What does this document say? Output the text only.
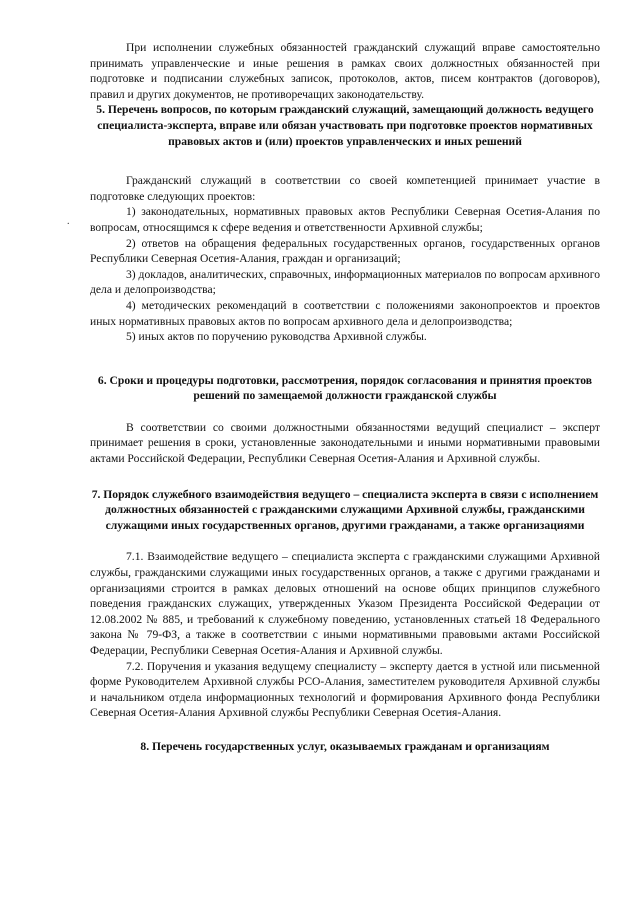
.

При исполнении служебных обязанностей гражданский служащий вправе самостоятельно принимать управленческие и иные решения в рамках своих должностных обязанностей при подготовке и подписании служебных записок, протоколов, актов, писем контрактов (договоров), правил и других документов, не противоречащих законодательству.

5. Перечень вопросов, по которым гражданский служащий, замещающий должность ведущего специалиста-эксперта, вправе или обязан участвовать при подготовке проектов нормативных правовых актов и (или) проектов управленческих и иных решений

Гражданский служащий в соответствии со своей компетенцией принимает участие в подготовке следующих проектов:

1) законодательных, нормативных правовых актов Республики Северная Осетия-Алания по вопросам, относящимся к сфере ведения и ответственности Архивной службы;

2) ответов на обращения федеральных государственных органов, государственных органов Республики Северная Осетия-Алания, граждан и организаций;

3) докладов, аналитических, справочных, информационных материалов по вопросам архивного дела и делопроизводства;

4) методических рекомендаций в соответствии с положениями законопроектов и проектов иных нормативных правовых актов по вопросам архивного дела и делопроизводства;

5) иных актов по поручению руководства Архивной службы.

6. Сроки и процедуры подготовки, рассмотрения, порядок согласования и принятия проектов решений по замещаемой должности гражданской службы

В соответствии со своими должностными обязанностями ведущий специалист – эксперт принимает решения в сроки, установленные законодательными и иными нормативными правовыми актами Российской Федерации, Республики Северная Осетия-Алания и Архивной службы.

7. Порядок служебного взаимодействия ведущего – специалиста эксперта в связи с исполнением должностных обязанностей с гражданскими служащими Архивной службы, гражданскими служащими иных государственных органов, другими гражданами, а также организациями

7.1. Взаимодействие ведущего – специалиста эксперта с гражданскими служащими Архивной службы, гражданскими служащими иных государственных органов, а также с другими гражданами и организациями строится в рамках деловых отношений на основе общих принципов служебного поведения гражданских служащих, утвержденных Указом Президента Российской Федерации от 12.08.2002 № 885, и требований к служебному поведению, установленных статьей 18 Федерального закона № 79-ФЗ, а также в соответствии с иными нормативными правовыми актами Российской Федерации, Республики Северная Осетия-Алания и Архивной службы.

7.2. Поручения и указания ведущему специалисту – эксперту дается в устной или письменной форме Руководителем Архивной службы РСО-Алания, заместителем руководителя Архивной службы и начальником отдела информационных технологий и формирования Архивного фонда Республики Северная Осетия-Алания Архивной службы Республики Северная Осетия-Алания.

8. Перечень государственных услуг, оказываемых гражданам и организациям
